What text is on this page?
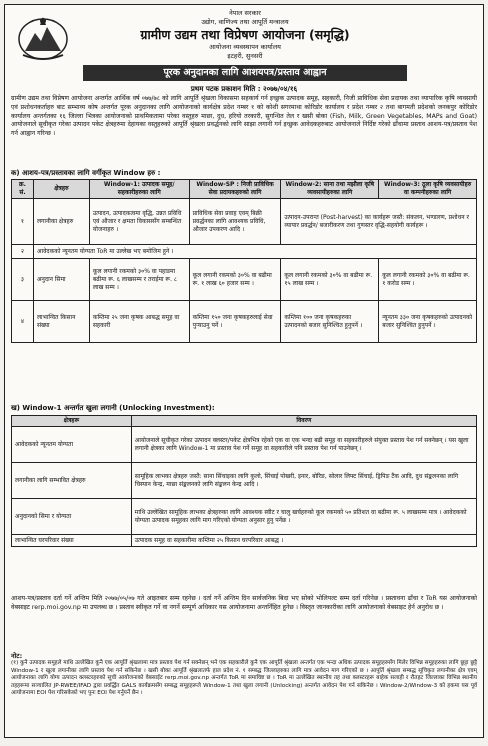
नेपाल सरकार
उद्योग, वाणिज्य तथा आपूर्ति मन्त्रालय
ग्रामीण उद्यम तथा विप्रेषण आयोजना (समृद्धि)
आयोजना व्यवस्थापन कार्यालय
इटहरी, सुनसरी
पूरक अनुदानका लागि आशयपत्र/प्रस्ताव आह्वान
प्रथम पटक प्रकाशन मिति : २०७७/०४/१६
ग्रामीण उद्यम तथा विप्रेषण आयोजना अन्तर्गत आर्थिक वर्ष ०७७/७८ को लागि आपूर्ति श्रृंखला विकासमा सहकार्य गर्न इच्छुक उत्पादक समूह, सहकारी, निजी प्राविधिक सेवा प्रदायक तथा व्यापारिक कृषि व्यवसायी एवं प्रशोधनकर्ताहरु बाट सम्भाव्य कोष अन्तर्गत पूरक अनुदानका लागि आयोजनाको कार्यक्षेत्र प्रदेश नम्बर १ को कोशी सगरमाथा कोरिडोर कार्यालय र प्रदेश नम्बर २ तथा बागमती प्रदेशको जनकपुर कोरिडोर कार्यालय अन्तर्गतका १६ जिल्ला भित्रका आयोजनाको प्राथमिकतामा परेका वस्तुहरु माछा, दुध, हरियो तरकारी, सुगन्धित तेल र खसी बोका (Fish, Milk, Green Vegetables, MAPs and Goat) आयोजनाले सूचीकृत गरेका उत्पादन पकेट क्षेत्रहरुमा देहायका वस्तुहरुको आपूर्ति श्रृंखला प्रवर्द्धनको लागि साझा लगानी गर्न इच्छुक आवेदकहरुबाट आयोजनाले निर्दिष्ट गरेको ढाँचामा प्रस्ताव आशय-पत्र/प्रस्ताव पेश गर्न आह्वान गरिन्छ ।
क) आशय-पत्र/प्रस्तावका लागि वर्गीकृत Window हरु :
क्र. सं.	क्षेत्रहरु	Window-1: उत्पादक समूह/सहकारीहरुका लागि	Window-SP : निजी प्राविधिक सेवा प्रदायकहरुको लागि	Window-2: साना तथा मझौला कृषि व्यवसायीहरुका लागि	Window-3: ठूला कृषि व्यवसायीहरु वा कम्पनीहरुका लागि
१	लगानीका क्षेत्रहरु	उत्पादन, उत्पादकत्वमा वृद्धि, उन्नत प्रविधि एवं औजार र क्षमता विकाससँग सम्बन्धित योजनाहरु ।	प्राविधिक सेवा प्रवाह एवम् बिक्री प्रवर्द्धनका लागि आवश्यक प्रविधि, औजार उपकरण आदि ।	उत्पादन-उपरान्त (Post-harvest) का कार्यहरू जस्तै: संकलन, भण्डारण, प्रशोधन र व्यापार प्रवर्द्धन/ बजारीकरण तथा गुणस्तर वृद्धि-सहयोगी कार्यहरू ।	
२	आवेदकको न्यूनतम योग्यता ToR मा उल्लेख भए बमोजिम हुने ।				
३	अनुदान सिमा	कूल लगानी रकमको ३०% वा पहाडमा बढीमा रू. ६ लाखसम्म र तराईमा रू. ८ लाख सम्म ।	कूल लगानी रकमको ३०% वा बढीमा रू. १ लाख ६० हजार सम्म ।	कूल लगानी रकमको ३०% वा बढीमा रू. १५ लाख सम्म ।	कूल लगानी रकमको ३०% वा बढीमा रू. १ करोड सम्म ।
४	लाभान्वित किसान संख्या	कम्तिमा २५ जना कृषक आबद्ध समूह वा सहकारी	कम्तिमा १५० जना कृषकहरुलाई सेवा पुऱ्याउनु पर्ने ।	कम्तिमा १०० जना कृषकहरुका उत्पादनको बजार सुनिश्चित हुनुपर्ने ।	न्यूनतम ३३० जना कृषकहरुको उत्पादनको बजार सुनिश्चित हुनुपर्ने ।
ख) Window-1 अन्तर्गत खुला लगानी (Unlocking Investment):
क्षेत्रहरू	विवरण
आवेदकको न्यूनतम योग्यता	आयोजनाले सूचीकृत गरेका उत्पादन क्लस्टर/पकेट क्षेत्रभित्र रहेको एक वा एक भन्दा बढी समूह वा सहकारीहरुले संयुक्त प्रस्ताव पेश गर्न सक्नेछन् । यस खुला लगानी क्षेत्रका लागि Window-1 मा प्रस्ताव पेश गर्ने समूह वा सहकारीले पनि प्रस्ताव पेश गर्न पाउनेछन् ।
लगानीका लागि सम्भावित क्षेत्रहरु	सामूहिक लाभका क्षेत्रहरु जस्तै: साना सिंचाइका लागि कुलो, सिंचाई पोखरी, इनार, बोरिङ, सोलार लिफ्ट सिंचाई, ड्रिपिङ टैंक आदि, दुध संङ्कलनका लागि चिस्यान केन्द्र, माछा संङ्कलनको लागि संङ्कलन केन्द्र आदि ।
अनुदानको सिमा र योग्यता	माथि उल्लेखित सामूहिक लाभका क्षेत्रहरुका लागि आवश्यक स्वीट र चालु खर्चहरुको कूल रकमको ५० प्रतिशत वा बढीमा रू. ५ लाखसम्म मात्र । आवेदकको योग्यता उत्पादक समूहका लागि माग गरिएको योग्यता अनुसार हुनु पर्नेछ ।
लाभान्वित घरपरिवार संख्या	उत्पादक समूह वा सहकारीमा कम्तिमा २५ किसान घरपरिवार आबद्ध ।
आशय-पत्र/प्रस्ताव दर्ता गर्ने अन्तिम मिति २०७७/०५/०७ गते आइतबार सम्म रहनेछ । दर्ता गर्ने अन्तिम दिन सार्वजनिक बिदा भए सोको भोलिपल्ट सम्म दर्ता गरिनेछ । प्रस्तावना ढाँचा र ToR यस आयोजनाको वेबसाइट rerp.moi.gov.np मा उपलब्ध छ । प्रस्ताव स्वीकृत गर्ने वा नगर्ने सम्पूर्ण अधिकार यस आयोजनामा अन्तर्निहित हुनेछ । विस्तृत जानकारीका लागि आयोजनाको वेबसाइट हेर्न अनुरोध छ ।
नोट:
(१) कुनै उत्पादक समूहले माथि उल्लेखित कुनै एक आपूर्ति श्रृंखलामा मात्र प्रस्ताव पेश गर्न सक्नेछन् भने एक सहकारीले कुनै एक आपूर्ति श्रृंखला अन्तर्गत एक भन्दा अधिक उत्पादक समूहहरुसँग मिलेर विभिन्न समूहहरुका लागि छुट्टा छुट्टै Window-1 र खुला लगानीका लागि प्रस्ताव पेश गर्न सकिनेछ । खसी बोका आपूर्ति श्रृंखलातर्फ हाल प्रदेश नं. १ सम्बद्ध जिल्लाहरुका लागि मात्र आवेदन माग गरिएको छ । आपूर्ति श्रृंखला सम्बद्ध सूचिकृत लगानीका क्षेत्र एवम् आयोजनाका लागि योग्य उत्पादन क्लस्टरहरुको सूची आयोजनाको वेबसाईट rerp.moi.gov.np अन्तर्गत ToR मा समाविष्ट छ । ToR मा उल्लेखित स्थानीय तह तथा क्लस्टरहरू बाहेक सलाही र रौतहट जिल्लाका विभिन्न स्थानीय तहहरूमा सञ्चालित JP-RWEE/IFAD द्वारा प्रवर्द्धित GALS कार्यक्रमसँग सम्बद्ध समूहहरूले Window-1 तथा खुला लगानी (Unlocking) अन्तर्गत आवेदन पेश गर्न सकिनेछ । Window-2/Window-3 को हकमा यस पूर्व आयोजनामा EOI पेश गरिसकेको भए पुनः EOI पेश गर्नुपर्ने छैन ।
